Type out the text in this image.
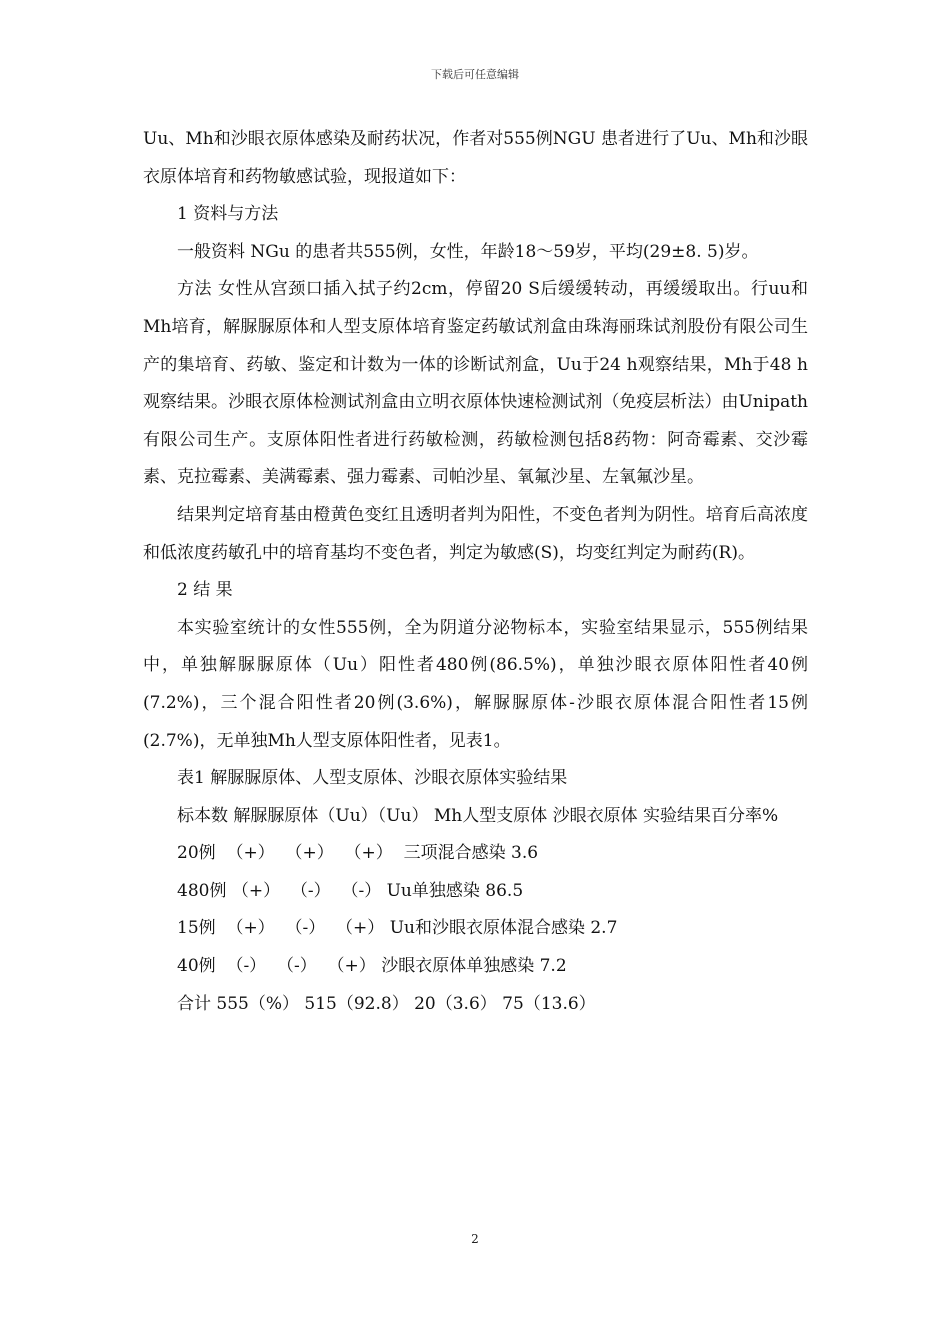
下载后可任意编辑

Uu、Mh和沙眼衣原体感染及耐药状况，作者对555例NGU 患者进行了Uu、Mh和沙眼衣原体培育和药物敏感试验，现报道如下：

1 资料与方法

一般资料 NGu 的患者共555例，女性，年龄18～59岁，平均(29±8. 5)岁。

方法 女性从宫颈口插入拭子约2cm，停留20 S后缓缓转动，再缓缓取出。行uu和Mh培育，解脲脲原体和人型支原体培育鉴定药敏试剂盒由珠海丽珠试剂股份有限公司生产的集培育、药敏、鉴定和计数为一体的诊断试剂盒，Uu于24 h观察结果，Mh于48 h观察结果。沙眼衣原体检测试剂盒由立明衣原体快速检测试剂（免疫层析法）由Unipath有限公司生产。支原体阳性者进行药敏检测，药敏检测包括8药物：阿奇霉素、交沙霉素、克拉霉素、美满霉素、强力霉素、司帕沙星、氧氟沙星、左氧氟沙星。

结果判定培育基由橙黄色变红且透明者判为阳性，不变色者判为阴性。培育后高浓度和低浓度药敏孔中的培育基均不变色者，判定为敏感(S)，均变红判定为耐药(R)。

2 结 果

本实验室统计的女性555例，全为阴道分泌物标本，实验室结果显示，555例结果中，单独解脲脲原体（Uu）阳性者480例(86.5%)，单独沙眼衣原体阳性者40例(7.2%)，三个混合阳性者20例(3.6%)，解脲脲原体-沙眼衣原体混合阳性者15例(2.7%)，无单独Mh人型支原体阳性者，见表1。

表1 解脲脲原体、人型支原体、沙眼衣原体实验结果

标本数 解脲脲原体（Uu）（Uu） Mh人型支原体 沙眼衣原体 实验结果百分率%

20例  （+）  （+）  （+）  三项混合感染 3.6

480例 （+）  （-）  （-） Uu单独感染 86.5

15例  （+）  （-）  （+） Uu和沙眼衣原体混合感染 2.7

40例  （-）  （-）  （+） 沙眼衣原体单独感染 7.2

合计 555（%） 515（92.8） 20（3.6） 75（13.6）

2
